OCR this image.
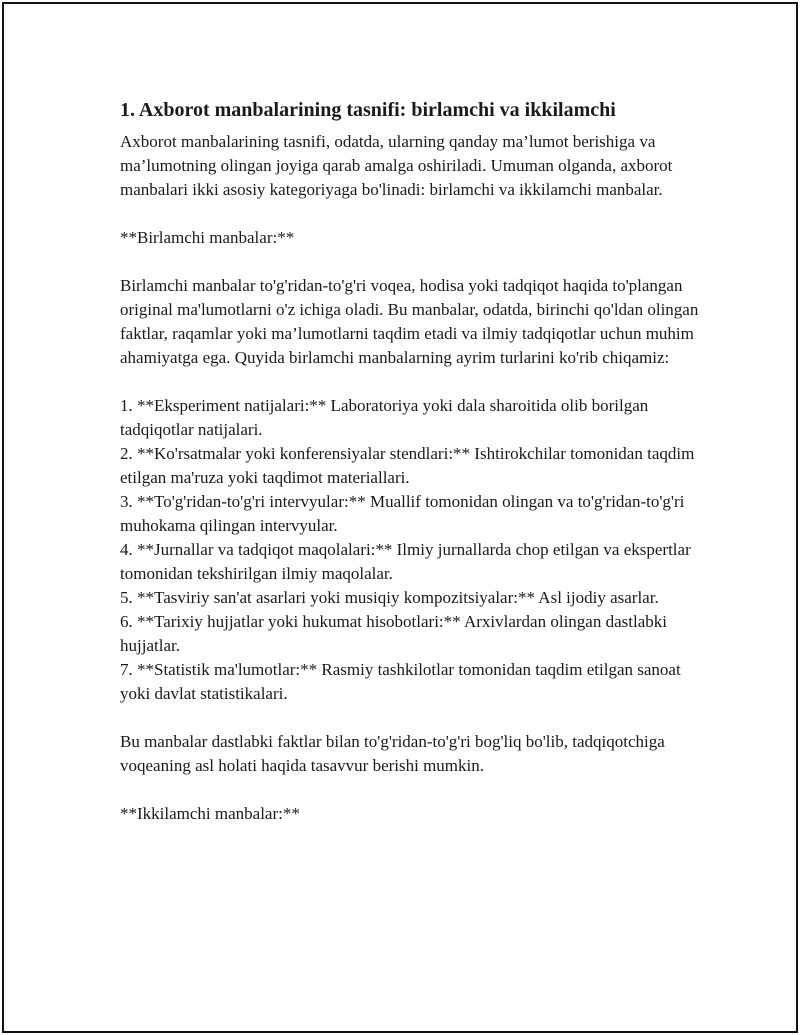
1. Axborot manbalarining tasnifi: birlamchi va ikkilamchi

Axborot manbalarining tasnifi, odatda, ularning qanday ma’lumot berishiga va ma’lumotning olingan joyiga qarab amalga oshiriladi. Umuman olganda, axborot manbalari ikki asosiy kategoriyaga bo'linadi: birlamchi va ikkilamchi manbalar.

**Birlamchi manbalar:**

Birlamchi manbalar to'g'ridan-to'g'ri voqea, hodisa yoki tadqiqot haqida to'plangan original ma'lumotlarni o'z ichiga oladi. Bu manbalar, odatda, birinchi qo'ldan olingan faktlar, raqamlar yoki ma’lumotlarni taqdim etadi va ilmiy tadqiqotlar uchun muhim ahamiyatga ega. Quyida birlamchi manbalarning ayrim turlarini ko'rib chiqamiz:

1. **Eksperiment natijalari:** Laboratoriya yoki dala sharoitida olib borilgan tadqiqotlar natijalari.
2. **Ko'rsatmalar yoki konferensiyalar stendlari:** Ishtirokchilar tomonidan taqdim etilgan ma'ruza yoki taqdimot materiallari.
3. **To'g'ridan-to'g'ri intervyular:** Muallif tomonidan olingan va to'g'ridan-to'g'ri muhokama qilingan intervyular.
4. **Jurnallar va tadqiqot maqolalari:** Ilmiy jurnallarda chop etilgan va ekspertlar tomonidan tekshirilgan ilmiy maqolalar.
5. **Tasviriy san'at asarlari yoki musiqiy kompozitsiyalar:** Asl ijodiy asarlar.
6. **Tarixiy hujjatlar yoki hukumat hisobotlari:** Arxivlardan olingan dastlabki hujjatlar.
7. **Statistik ma'lumotlar:** Rasmiy tashkilotlar tomonidan taqdim etilgan sanoat yoki davlat statistikalari.

Bu manbalar dastlabki faktlar bilan to'g'ridan-to'g'ri bog'liq bo'lib, tadqiqotchiga voqeaning asl holati haqida tasavvur berishi mumkin.

**Ikkilamchi manbalar:**
